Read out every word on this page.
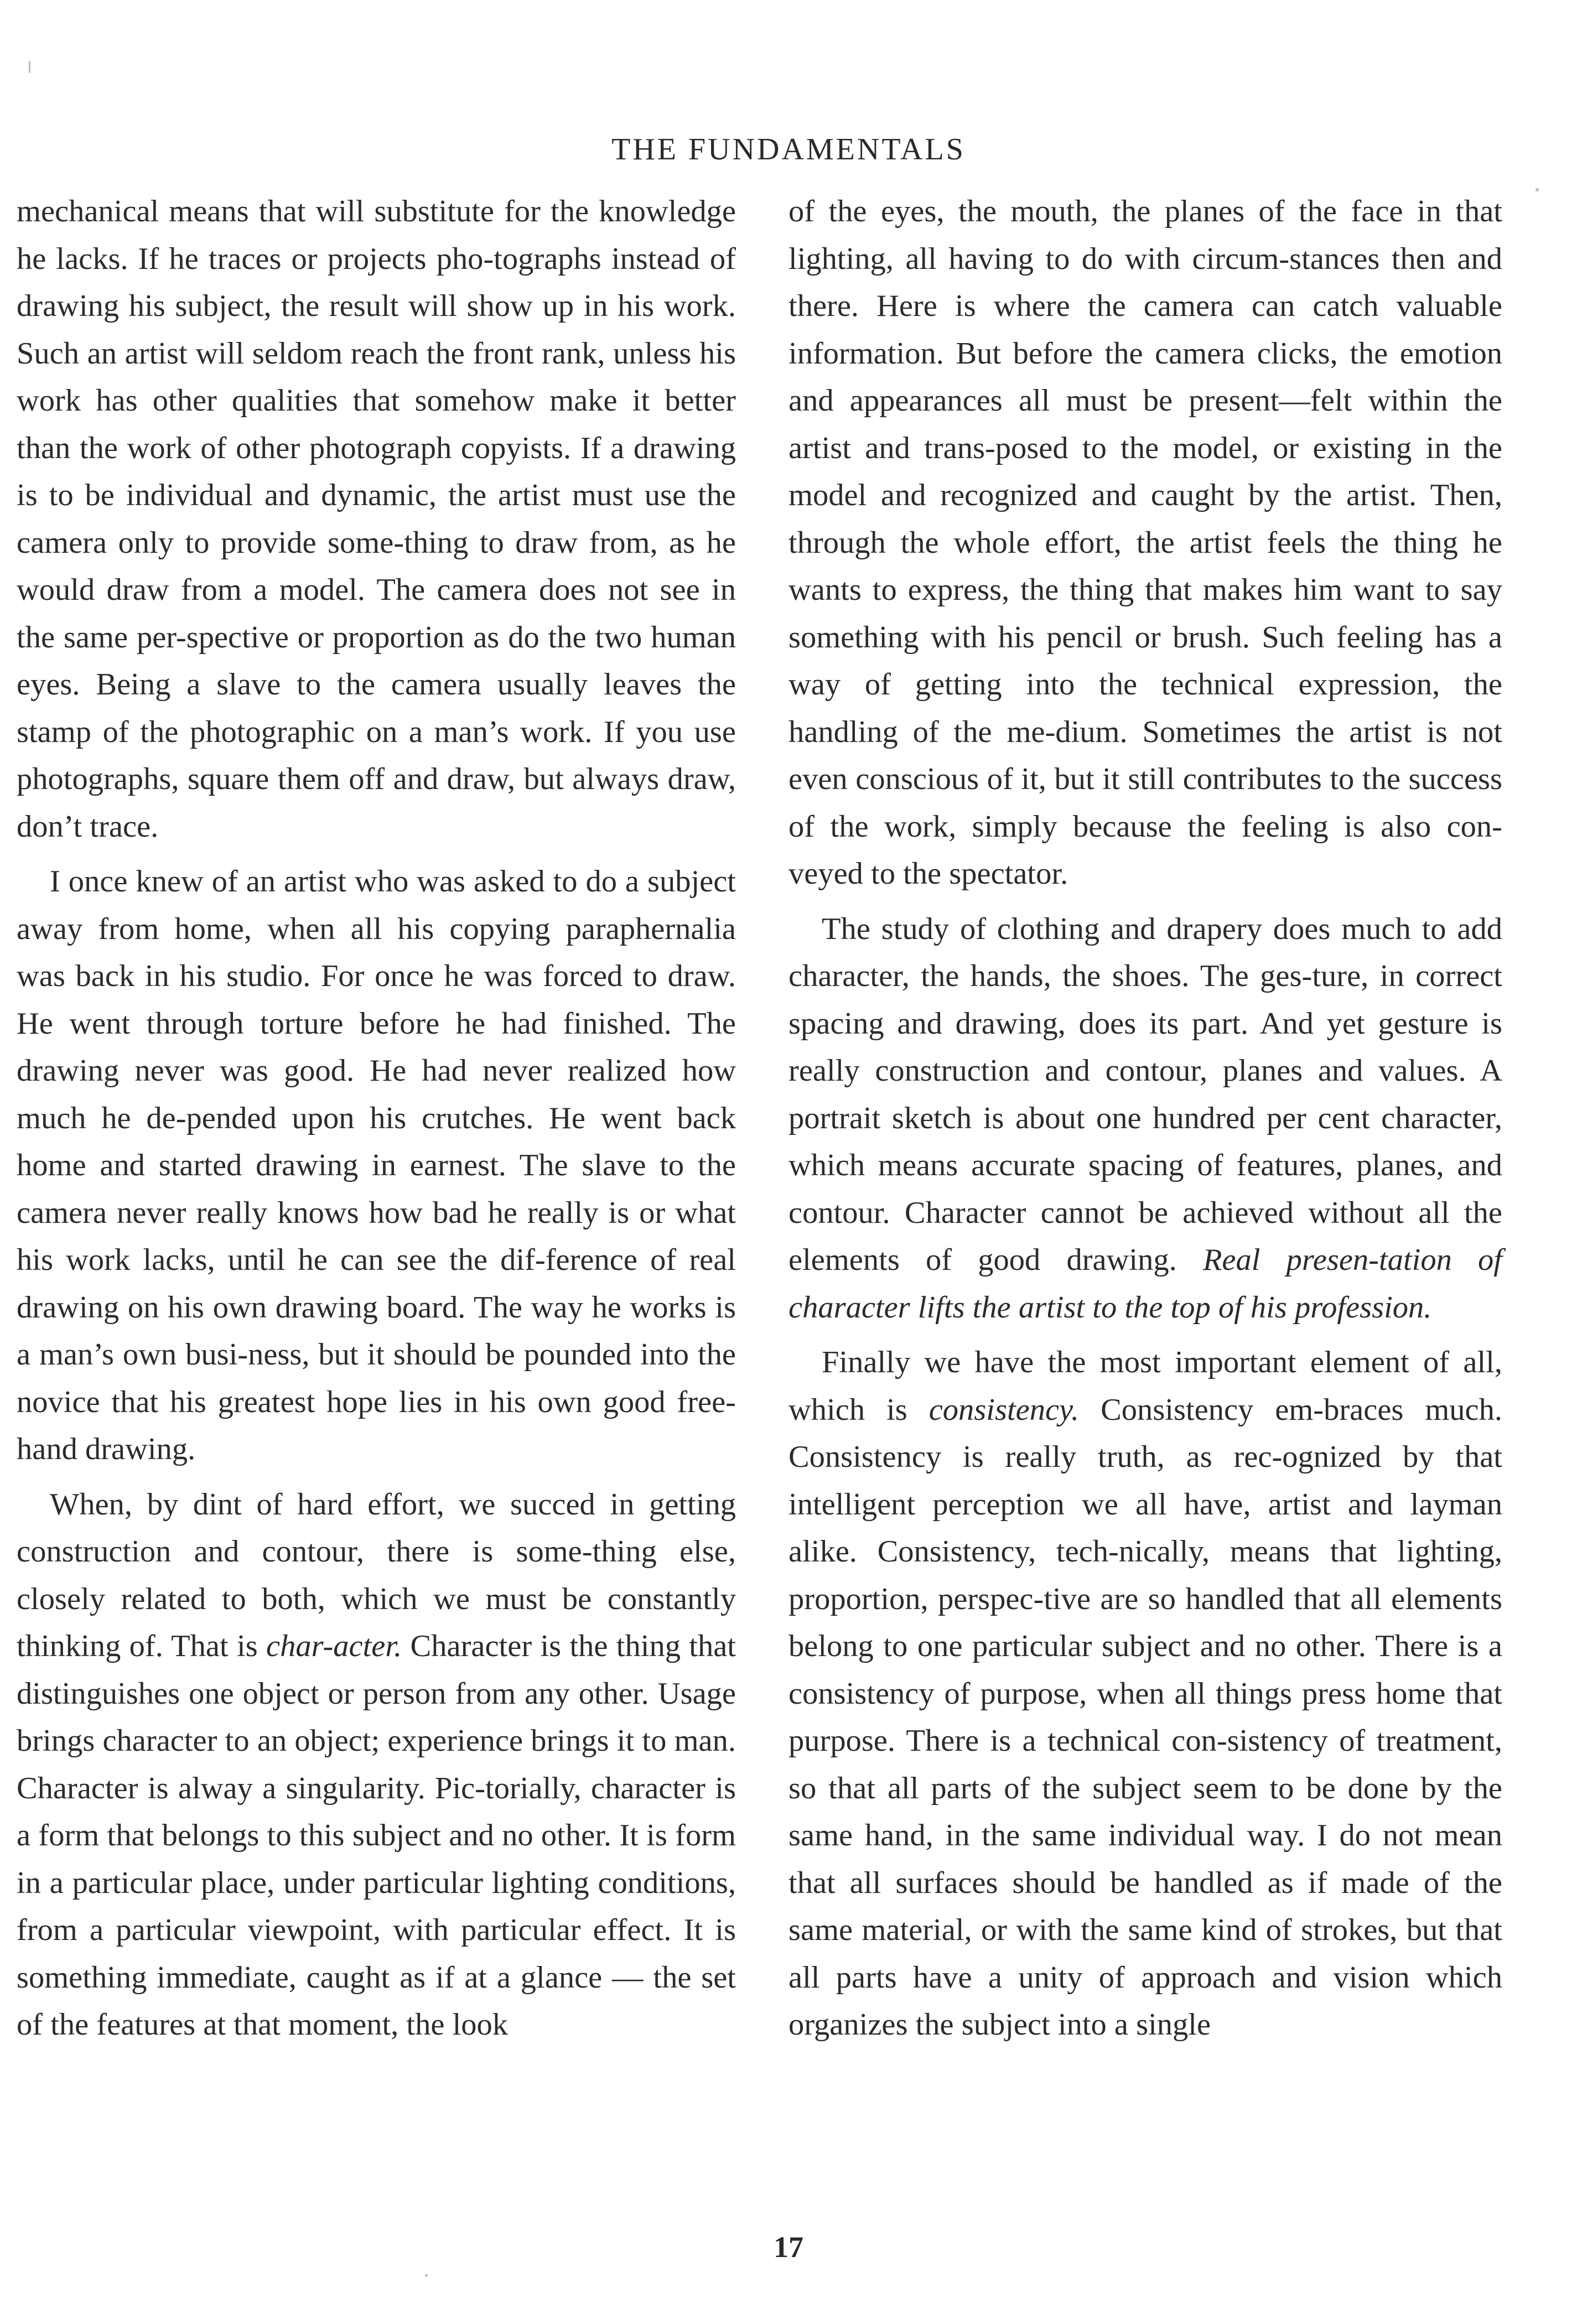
THE FUNDAMENTALS

mechanical means that will substitute for the knowledge he lacks. If he traces or projects pho-tographs instead of drawing his subject, the result will show up in his work. Such an artist will seldom reach the front rank, unless his work has other qualities that somehow make it better than the work of other photograph copyists. If a drawing is to be individual and dynamic, the artist must use the camera only to provide some-thing to draw from, as he would draw from a model. The camera does not see in the same per-spective or proportion as do the two human eyes. Being a slave to the camera usually leaves the stamp of the photographic on a man’s work. If you use photographs, square them off and draw, but always draw, don’t trace.

I once knew of an artist who was asked to do a subject away from home, when all his copying paraphernalia was back in his studio. For once he was forced to draw. He went through torture before he had finished. The drawing never was good. He had never realized how much he de-pended upon his crutches. He went back home and started drawing in earnest. The slave to the camera never really knows how bad he really is or what his work lacks, until he can see the dif-ference of real drawing on his own drawing board. The way he works is a man’s own busi-ness, but it should be pounded into the novice that his greatest hope lies in his own good free-hand drawing.

When, by dint of hard effort, we succed in getting construction and contour, there is some-thing else, closely related to both, which we must be constantly thinking of. That is char-acter. Character is the thing that distinguishes one object or person from any other. Usage brings character to an object; experience brings it to man. Character is alway a singularity. Pic-torially, character is a form that belongs to this subject and no other. It is form in a particular place, under particular lighting conditions, from a particular viewpoint, with particular effect. It is something immediate, caught as if at a glance — the set of the features at that moment, the look

of the eyes, the mouth, the planes of the face in that lighting, all having to do with circum-stances then and there. Here is where the camera can catch valuable information. But before the camera clicks, the emotion and appearances all must be present—felt within the artist and trans-posed to the model, or existing in the model and recognized and caught by the artist. Then, through the whole effort, the artist feels the thing he wants to express, the thing that makes him want to say something with his pencil or brush. Such feeling has a way of getting into the technical expression, the handling of the me-dium. Sometimes the artist is not even conscious of it, but it still contributes to the success of the work, simply because the feeling is also con-veyed to the spectator.

The study of clothing and drapery does much to add character, the hands, the shoes. The ges-ture, in correct spacing and drawing, does its part. And yet gesture is really construction and contour, planes and values. A portrait sketch is about one hundred per cent character, which means accurate spacing of features, planes, and contour. Character cannot be achieved without all the elements of good drawing. Real presen-tation of character lifts the artist to the top of his profession.

Finally we have the most important element of all, which is consistency. Consistency em-braces much. Consistency is really truth, as rec-ognized by that intelligent perception we all have, artist and layman alike. Consistency, tech-nically, means that lighting, proportion, perspec-tive are so handled that all elements belong to one particular subject and no other. There is a consistency of purpose, when all things press home that purpose. There is a technical con-sistency of treatment, so that all parts of the subject seem to be done by the same hand, in the same individual way. I do not mean that all surfaces should be handled as if made of the same material, or with the same kind of strokes, but that all parts have a unity of approach and vision which organizes the subject into a single

17
